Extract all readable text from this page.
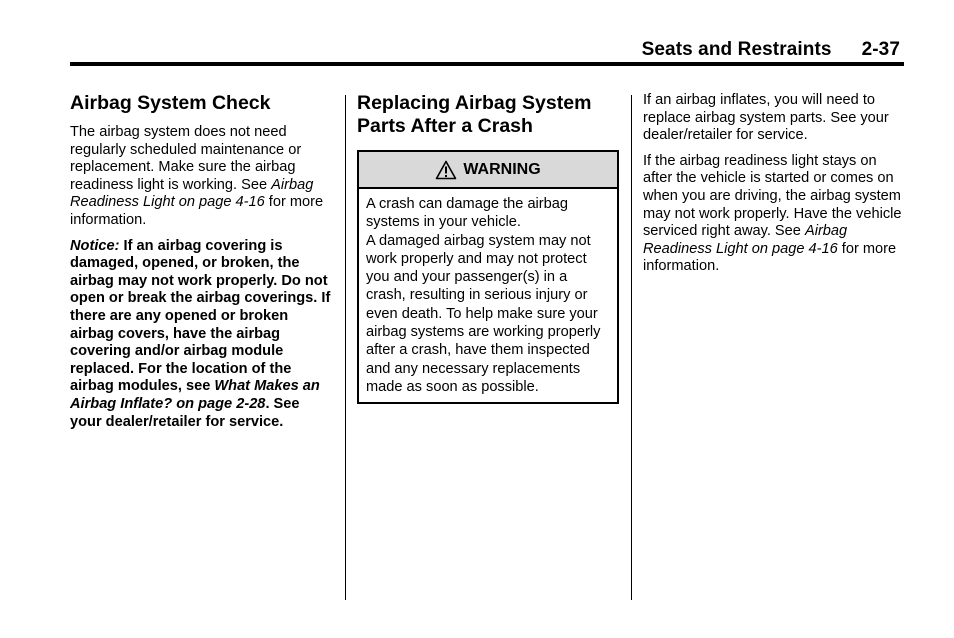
Seats and Restraints 2-37
Airbag System Check

The airbag system does not need regularly scheduled maintenance or replacement. Make sure the airbag readiness light is working. See Airbag Readiness Light on page 4-16 for more information.

Notice: If an airbag covering is damaged, opened, or broken, the airbag may not work properly. Do not open or break the airbag coverings. If there are any opened or broken airbag covers, have the airbag covering and/or airbag module replaced. For the location of the airbag modules, see What Makes an Airbag Inflate? on page 2-28. See your dealer/retailer for service.

Replacing Airbag System Parts After a Crash
WARNING

A crash can damage the airbag systems in your vehicle.

A damaged airbag system may not work properly and may not protect you and your passenger(s) in a crash, resulting in serious injury or even death. To help make sure your airbag systems are working properly after a crash, have them inspected and any necessary replacements made as soon as possible.

If an airbag inflates, you will need to replace airbag system parts. See your dealer/retailer for service.

If the airbag readiness light stays on after the vehicle is started or comes on when you are driving, the airbag system may not work properly. Have the vehicle serviced right away. See Airbag Readiness Light on page 4-16 for more information.
